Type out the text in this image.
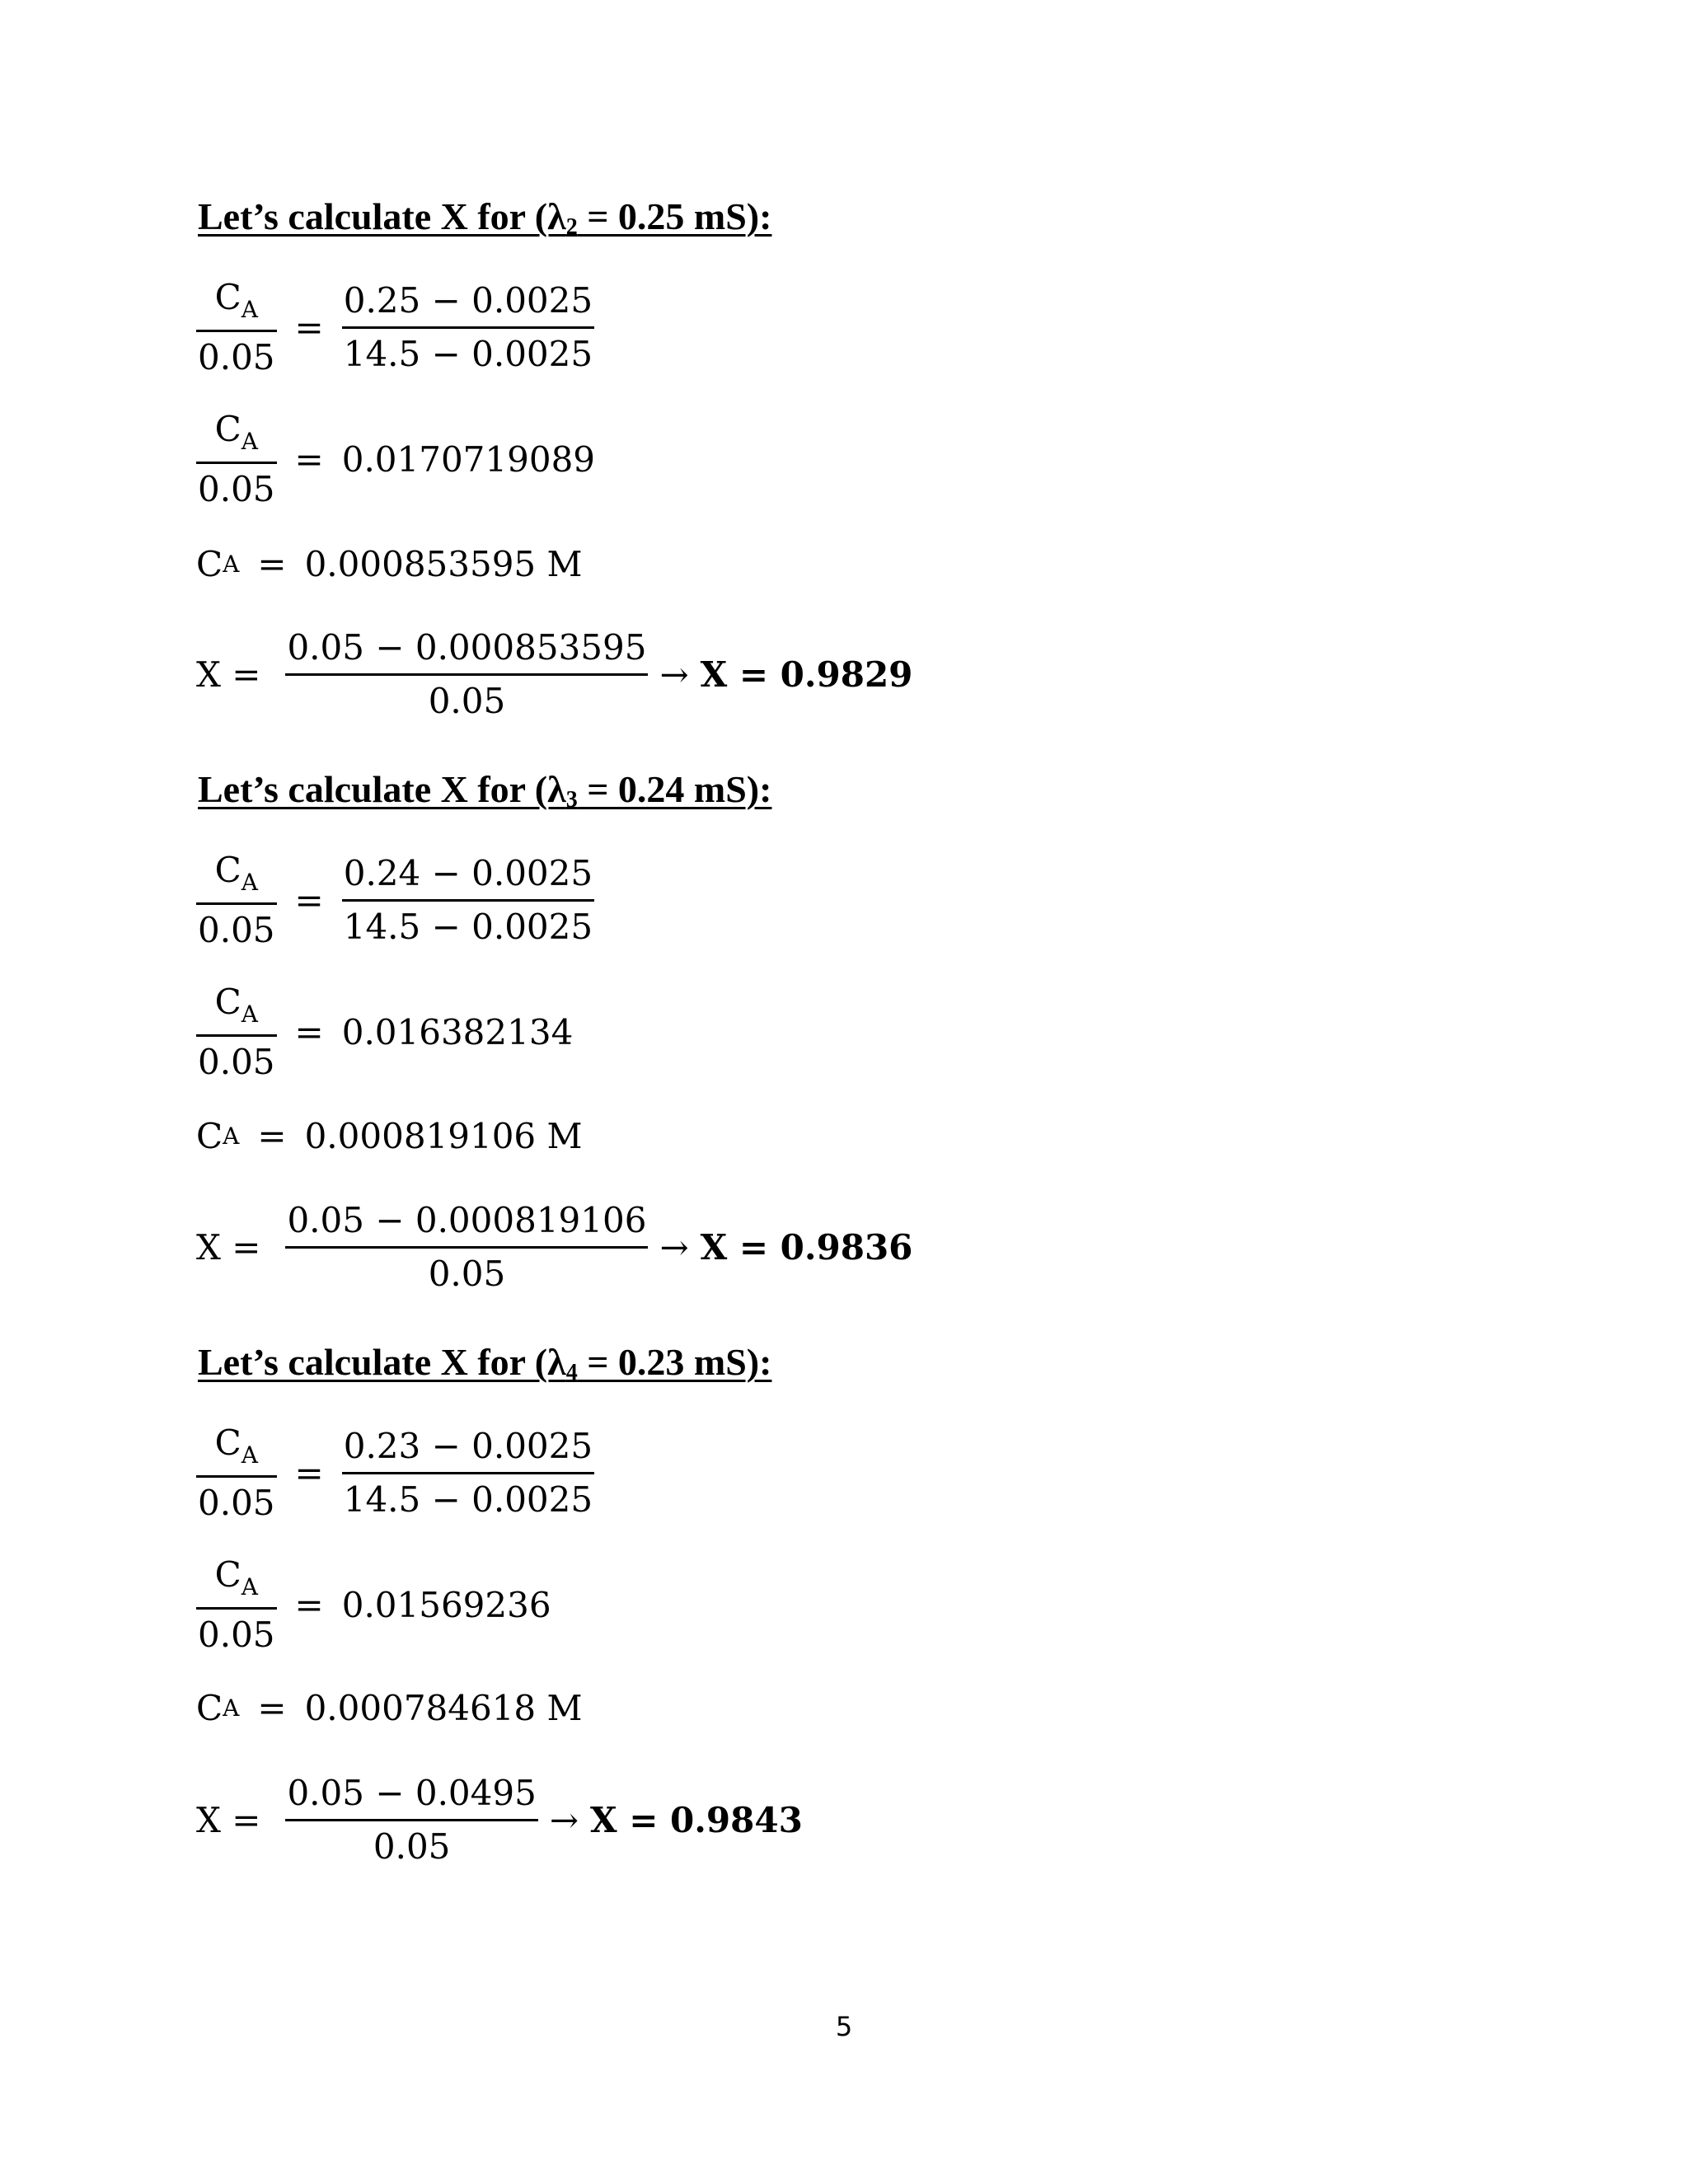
Let’s calculate X for ($\lambda_2 = 0.25$ mS):
$\frac{C_A}{0.05} = \frac{0.25 - 0.0025}{14.5 - 0.0025}$
$\frac{C_A}{0.05} = 0.0170719089$
C A = 0.000853595 M
$X = \frac{0.05 - 0.000853595}{0.05} \to X = 0.9829$
Let’s calculate X for ($\lambda_3 = 0.24$ mS):
$\frac{C_A}{0.05} = \frac{0.24 - 0.0025}{14.5 - 0.0025}$
$\frac{C_A}{0.05} = 0.016382134$
C A = 0.000819106 M
$X = \frac{0.05 - 0.000819106}{0.05} \to X = 0.9836$
Let’s calculate X for ($\lambda_4 = 0.23$ mS):
$\frac{C_A}{0.05} = \frac{0.23 - 0.0025}{14.5 - 0.0025}$
$\frac{C_A}{0.05} = 0.01569236$
C A = 0.000784618 M
$X = \frac{0.05 - 0.0495}{0.05} \to X = 0.9843$
5
